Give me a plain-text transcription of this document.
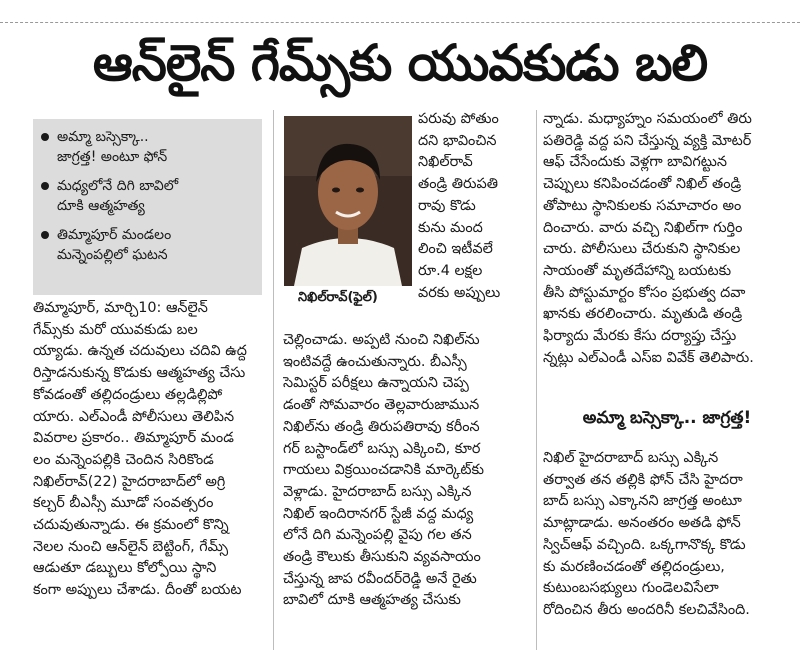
ఆన్‌లైన్ గేమ్స్‌కు యువకుడు బలి
అమ్మా బస్సెక్కా..
జాగ్రత్త! అంటూ ఫోన్
మధ్యలోనే దిగి బావిలో
దూకి ఆత్మహత్య
తిమ్మాపూర్ మండలం
మన్నెంపల్లిలో ఘటన
నిఖిల్‌రావ్(ఫైల్)
తిమ్మాపూర్, మార్చి10: ఆన్‌లైన్
గేమ్స్‌కు మరో యువకుడు బల
య్యాడు. ఉన్నత చదువులు చదివి ఉద్ద
రిస్తాడనుకున్న కొడుకు ఆత్మహత్య చేసు
కోవడంతో తల్లిదండ్రులు తల్లడిల్లిపో
యారు. ఎల్‌ఎండీ పోలీసులు తెలిపిన
వివరాల ప్రకారం.. తిమ్మాపూర్ మండ
లం మన్నెంపల్లికి చెందిన సిరికొండ
నిఖిల్‌రావ్(22) హైదరాబాద్‌లో అగ్రి
కల్చర్ బీఎస్సీ మూడో సంవత్సరం
చదువుతున్నాడు. ఈ క్రమంలో కొన్ని
నెలల నుంచి ఆన్‌లైన్ బెట్టింగ్, గేమ్స్
ఆడుతూ డబ్బులు కోల్పోయి స్థాని
కంగా అప్పులు చేశాడు. దీంతో బయట
పరువు పోతుం
దని భావించిన
నిఖిల్‌రావ్
తండ్రి తిరుపతి
రావు కొడు
కును మంద
లించి ఇటీవలే
రూ.4 లక్షల
వరకు అప్పులు
చెల్లించాడు. అప్పటి నుంచి నిఖిల్‌ను
ఇంటివద్దే ఉంచుతున్నారు. బీఎస్సీ
సెమిస్టర్ పరీక్షలు ఉన్నాయని చెప్ప
డంతో సోమవారం తెల్లవారుజామున
నిఖిల్‌ను తండ్రి తిరుపతిరావు కరీంన
గర్ బస్టాండ్‌లో బస్సు ఎక్కించి, కూర
గాయలు విక్రయించడానికి మార్కెట్‌కు
వెళ్లాడు. హైదరాబాద్ బస్సు ఎక్కిన
నిఖిల్ ఇందిరానగర్ స్టేజీ వద్ద మధ్య
లోనే దిగి మన్నెంపల్లి వైపు గల తన
తండ్రి కౌలుకు తీసుకుని వ్యవసాయం
చేస్తున్న జాప రవీందర్‌రెడ్డి అనే రైతు
బావిలో దూకి ఆత్మహత్య చేసుకు
న్నాడు. మధ్యాహ్నం సమయంలో తిరు
పతిరెడ్డి వద్ద పని చేస్తున్న వ్యక్తి మోటర్
ఆఫ్ చేసేందుకు వెళ్లగా బావిగట్టున
చెప్పులు కనిపించడంతో నిఖిల్ తండ్రి
తోపాటు స్థానికులకు సమాచారం అం
దించారు. వారు వచ్చి నిఖిల్‌గా గుర్తిం
చారు. పోలీసులు చేరుకుని స్థానికుల
సాయంతో మృతదేహాన్ని బయటకు
తీసి పోస్టుమార్టం కోసం ప్రభుత్వ దవా
ఖానకు తరలించారు. మృతుడి తండ్రి
ఫిర్యాదు మేరకు కేసు దర్యాప్తు చేస్తు
న్నట్లు ఎల్‌ఎండీ ఎస్‌ఐ వివేక్ తెలిపారు.
అమ్మా బస్సెక్కా.. జాగ్రత్త!
నిఖిల్ హైదరాబాద్ బస్సు ఎక్కిన
తర్వాత తన తల్లికి ఫోన్ చేసి హైదరా
బాద్ బస్సు ఎక్కానని జాగ్రత్త అంటూ
మాట్లాడాడు. అనంతరం అతడి ఫోన్
స్విచ్‌ఆఫ్ వచ్చింది. ఒక్కగానొక్క కొడు
కు మరణించడంతో తల్లిదండ్రులు,
కుటుంబసభ్యులు గుండెలవిసేలా
రోదించిన తీరు అందరినీ కలచివేసింది.
